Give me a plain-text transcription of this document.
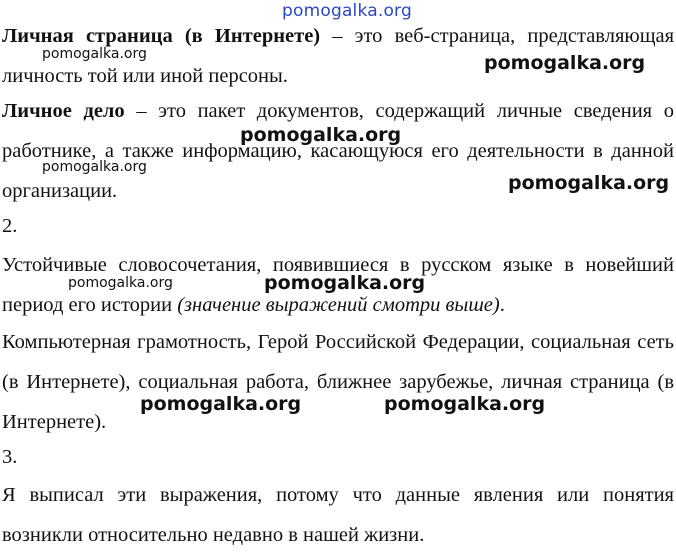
pomogalka.org

Личная страница (в Интернете) – это веб-страница, представляющая личность той или иной персоны.

Личное дело – это пакет документов, содержащий личные сведения о работнике, а также информацию, касающуюся его деятельности в данной организации.

2.

Устойчивые словосочетания, появившиеся в русском языке в новейший период его истории (значение выражений смотри выше).

Компьютерная грамотность, Герой Российской Федерации, социальная сеть (в Интернете), социальная работа, ближнее зарубежье, личная страница (в Интернете).

3.

Я выписал эти выражения, потому что данные явления или понятия возникли относительно недавно в нашей жизни.

pomogalka.org	pomogalka.org
pomogalka.org
pomogalka.org
pomogalka.org
pomogalka.org	pomogalka.org
pomogalka.org	pomogalka.org
